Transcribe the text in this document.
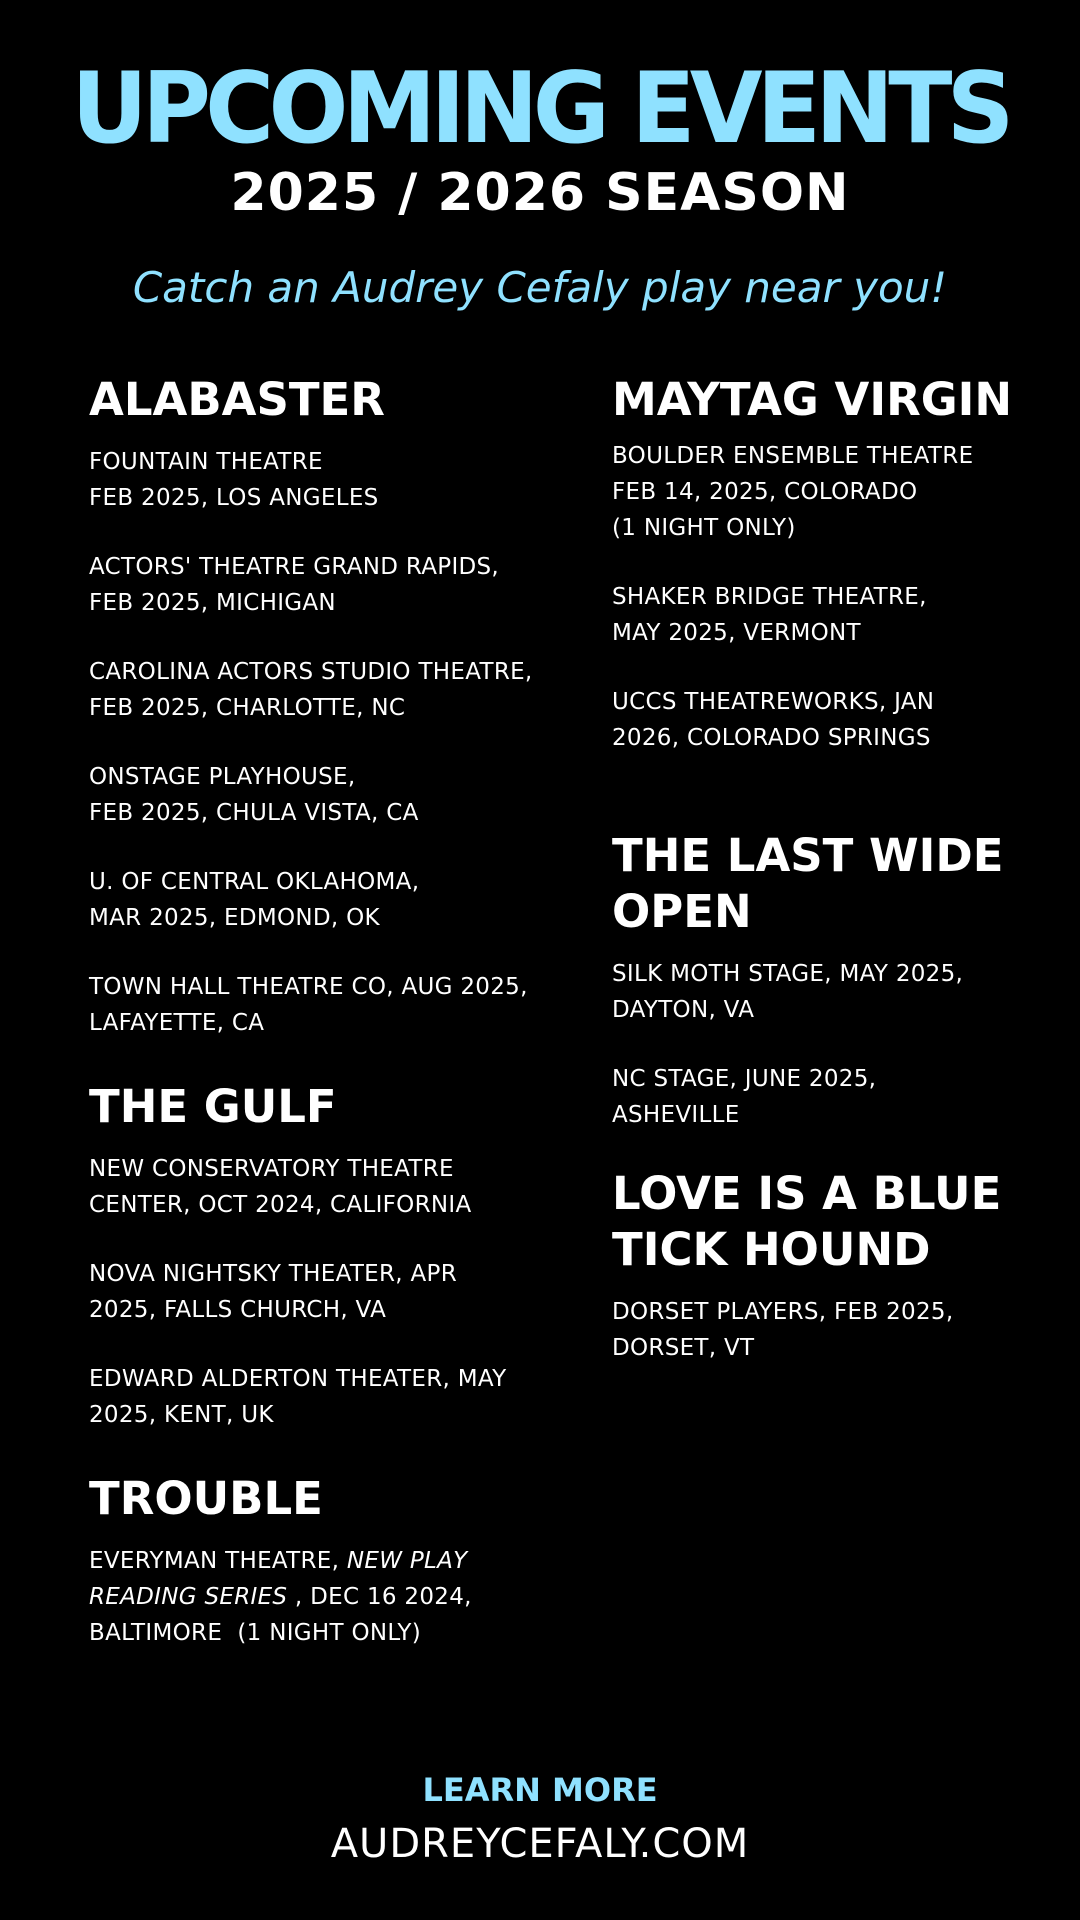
UPCOMING EVENTS
2025 / 2026 SEASON
Catch an Audrey Cefaly play near you!
ALABASTER
FOUNTAIN THEATRE
FEB 2025, LOS ANGELES
ACTORS' THEATRE GRAND RAPIDS,
FEB 2025, MICHIGAN
CAROLINA ACTORS STUDIO THEATRE,
FEB 2025, CHARLOTTE, NC
ONSTAGE PLAYHOUSE,
FEB 2025, CHULA VISTA, CA
U. OF CENTRAL OKLAHOMA,
MAR 2025, EDMOND, OK
TOWN HALL THEATRE CO, AUG 2025,
LAFAYETTE, CA
THE GULF
NEW CONSERVATORY THEATRE
CENTER, OCT 2024, CALIFORNIA
NOVA NIGHTSKY THEATER, APR
2025, FALLS CHURCH, VA
EDWARD ALDERTON THEATER, MAY
2025, KENT, UK
TROUBLE
EVERYMAN THEATRE, NEW PLAY
READING SERIES , DEC 16 2024,
BALTIMORE  (1 NIGHT ONLY)
MAYTAG VIRGIN
BOULDER ENSEMBLE THEATRE
FEB 14, 2025, COLORADO
(1 NIGHT ONLY)
SHAKER BRIDGE THEATRE,
MAY 2025, VERMONT
UCCS THEATREWORKS, JAN
2026, COLORADO SPRINGS
THE LAST WIDE
OPEN
SILK MOTH STAGE, MAY 2025,
DAYTON, VA
NC STAGE, JUNE 2025,
ASHEVILLE
LOVE IS A BLUE
TICK HOUND
DORSET PLAYERS, FEB 2025,
DORSET, VT
LEARN MORE
AUDREYCEFALY.COM
